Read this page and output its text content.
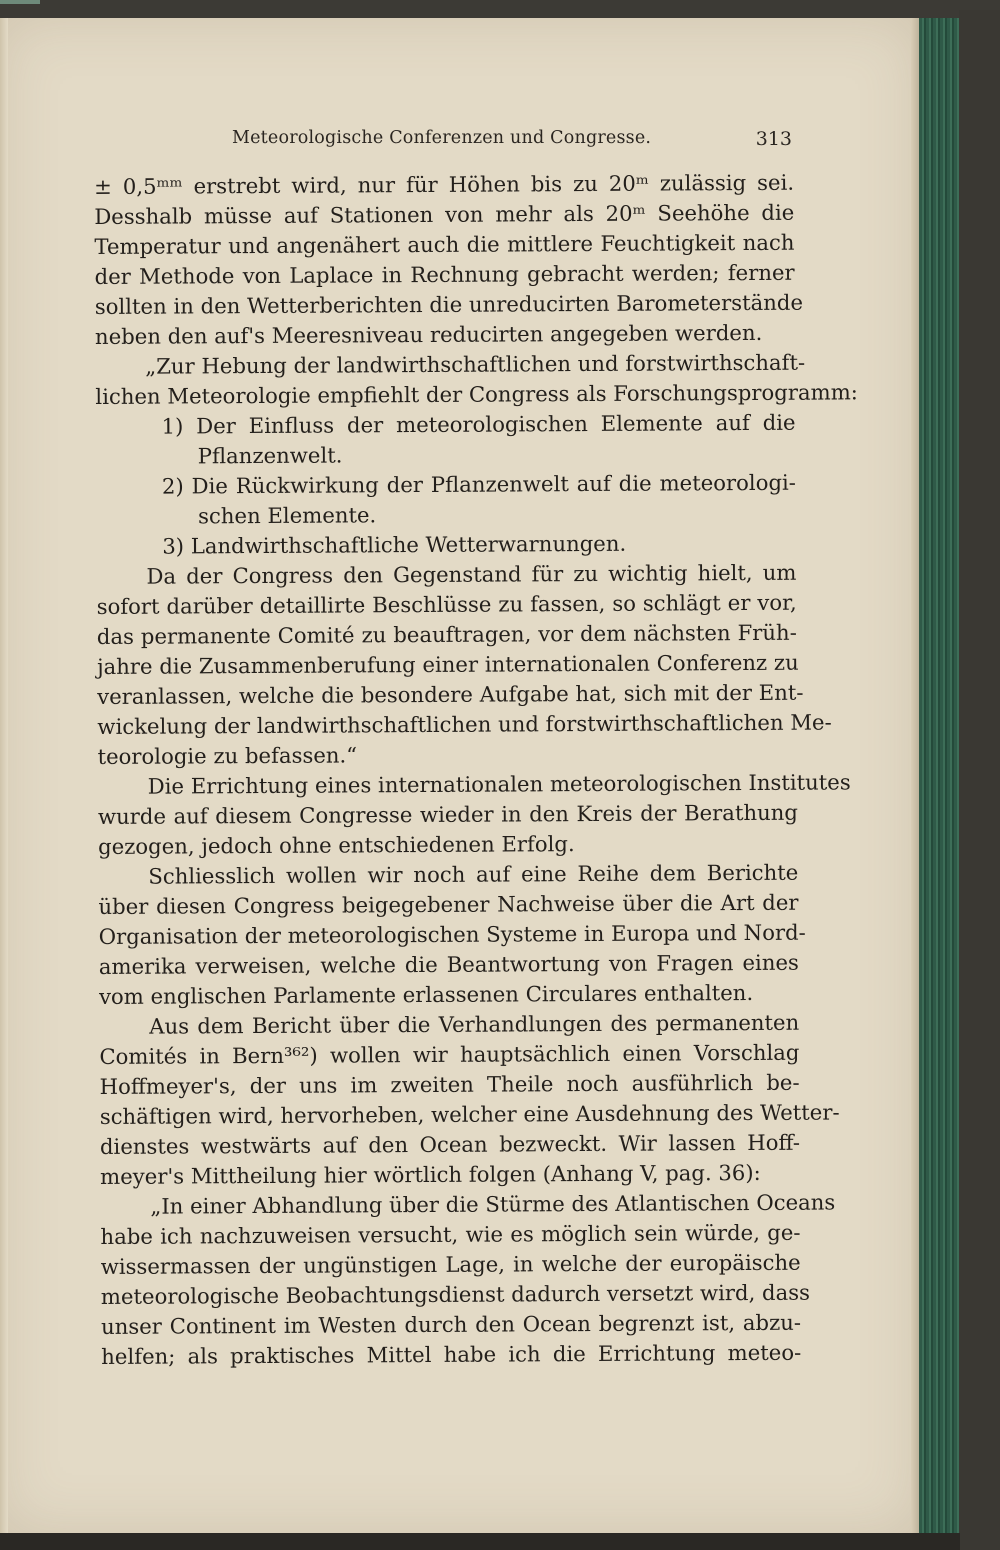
Meteorologische Conferenzen und Congresse.	313
± 0,5ᵐᵐ erstrebt wird, nur für Höhen bis zu 20ᵐ zulässig sei.
Desshalb müsse auf Stationen von mehr als 20ᵐ Seehöhe die
Temperatur und angenähert auch die mittlere Feuchtigkeit nach
der Methode von Laplace in Rechnung gebracht werden; ferner
sollten in den Wetterberichten die unreducirten Barometerstände
neben den auf's Meeresniveau reducirten angegeben werden.
„Zur Hebung der landwirthschaftlichen und forstwirthschaft-
lichen Meteorologie empfiehlt der Congress als Forschungsprogramm:
1) Der Einfluss der meteorologischen Elemente auf die
Pflanzenwelt.
2) Die Rückwirkung der Pflanzenwelt auf die meteorologi-
schen Elemente.
3) Landwirthschaftliche Wetterwarnungen.
Da der Congress den Gegenstand für zu wichtig hielt, um
sofort darüber detaillirte Beschlüsse zu fassen, so schlägt er vor,
das permanente Comité zu beauftragen, vor dem nächsten Früh-
jahre die Zusammenberufung einer internationalen Conferenz zu
veranlassen, welche die besondere Aufgabe hat, sich mit der Ent-
wickelung der landwirthschaftlichen und forstwirthschaftlichen Me-
teorologie zu befassen.“
Die Errichtung eines internationalen meteorologischen Institutes
wurde auf diesem Congresse wieder in den Kreis der Berathung
gezogen, jedoch ohne entschiedenen Erfolg.
Schliesslich wollen wir noch auf eine Reihe dem Berichte
über diesen Congress beigegebener Nachweise über die Art der
Organisation der meteorologischen Systeme in Europa und Nord-
amerika verweisen, welche die Beantwortung von Fragen eines
vom englischen Parlamente erlassenen Circulares enthalten.
Aus dem Bericht über die Verhandlungen des permanenten
Comités in Bern³⁶²) wollen wir hauptsächlich einen Vorschlag
Hoffmeyer's, der uns im zweiten Theile noch ausführlich be-
schäftigen wird, hervorheben, welcher eine Ausdehnung des Wetter-
dienstes westwärts auf den Ocean bezweckt. Wir lassen Hoff-
meyer's Mittheilung hier wörtlich folgen (Anhang V, pag. 36):
„In einer Abhandlung über die Stürme des Atlantischen Oceans
habe ich nachzuweisen versucht, wie es möglich sein würde, ge-
wissermassen der ungünstigen Lage, in welche der europäische
meteorologische Beobachtungsdienst dadurch versetzt wird, dass
unser Continent im Westen durch den Ocean begrenzt ist, abzu-
helfen; als praktisches Mittel habe ich die Errichtung meteo-
